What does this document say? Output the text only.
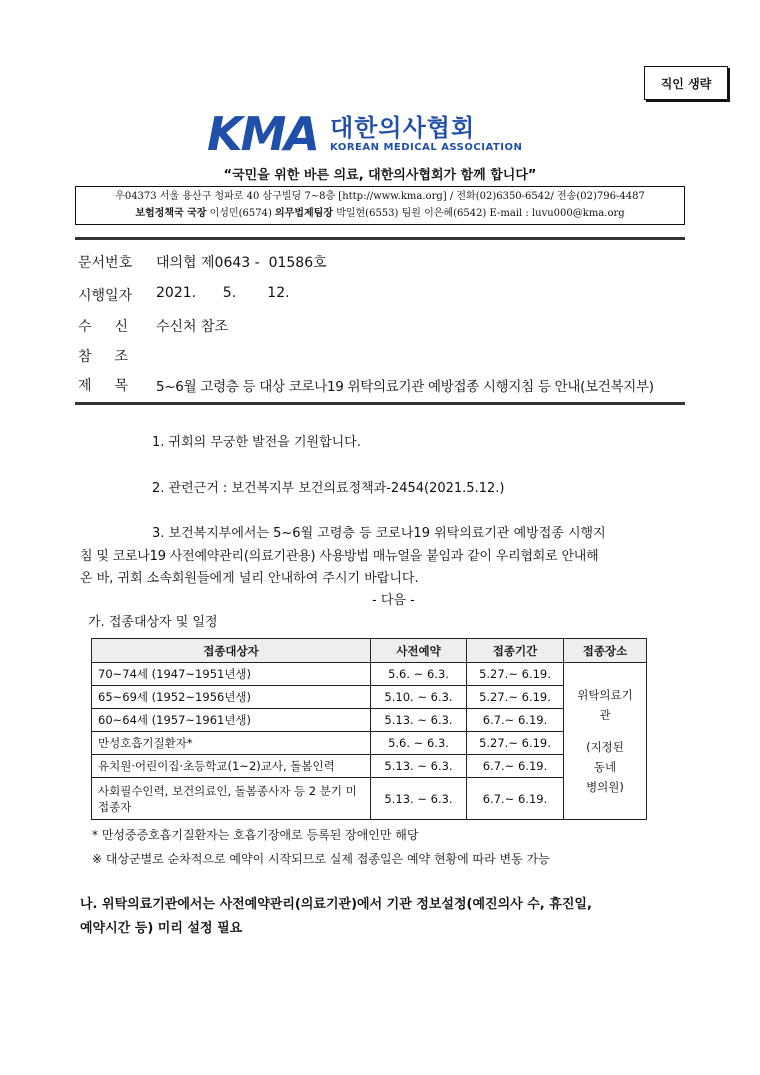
직인 생략
KMA 대한의사협회
KOREAN MEDICAL ASSOCIATION
“국민을 위한 바른 의료, 대한의사협회가 함께 합니다”
우04373 서울 용산구 청파로 40 삼구빌딩 7~8층 [http://www.kma.org] / 전화(02)6350-6542/ 전송(02)796-4487
보험정책국 국장 이성민(6574) 의무법제팀장 박일현(6553) 팀원 이은혜(6542) E-mail : luvu000@kma.org
문서번호	대의협 제0643 -  01586호
시행일자	2021.      5.       12.
수 신 수신처 참조
참 조
제 목 5~6월 고령층 등 대상 코로나19 위탁의료기관 예방접종 시행지침 등 안내(보건복지부)
1. 귀회의 무궁한 발전을 기원합니다.
2. 관련근거 : 보건복지부 보건의료정책과-2454(2021.5.12.)
3. 보건복지부에서는 5~6월 고령층 등 코로나19 위탁의료기관 예방접종 시행지
침 및 코로나19 사전예약관리(의료기관용) 사용방법 매뉴얼을 붙임과 같이 우리협회로 안내해
온 바, 귀회 소속회원들에게 널리 안내하여 주시기 바랍니다.
- 다음 -
가. 접종대상자 및 일정
접종대상자	사전예약	접종기간	접종장소
70~74세 (1947~1951년생)	5.6. ~ 6.3.	5.27.~ 6.19.	위탁의료기
관
(지정된
동네
병의원)

65~69세 (1952~1956년생)	5.10. ~ 6.3.	5.27.~ 6.19.	
60~64세 (1957~1961년생)	5.13. ~ 6.3.	6.7.~ 6.19.	
만성호흡기질환자*	5.6. ~ 6.3.	5.27.~ 6.19.	
유치원·어린이집·초등학교(1~2)교사, 돌봄인력	5.13. ~ 6.3.	6.7.~ 6.19.	
사회필수인력, 보건의료인, 돌봄종사자 등 2 분기 미접종자	5.13. ~ 6.3.	6.7.~ 6.19.	
* 만성중증호흡기질환자는 호흡기장애로 등록된 장애인만 해당
※ 대상군별로 순차적으로 예약이 시작되므로 실제 접종일은 예약 현황에 따라 변동 가능
나. 위탁의료기관에서는 사전예약관리(의료기관)에서 기관 정보설정(예진의사 수, 휴진일,
예약시간 등) 미리 설정 필요
